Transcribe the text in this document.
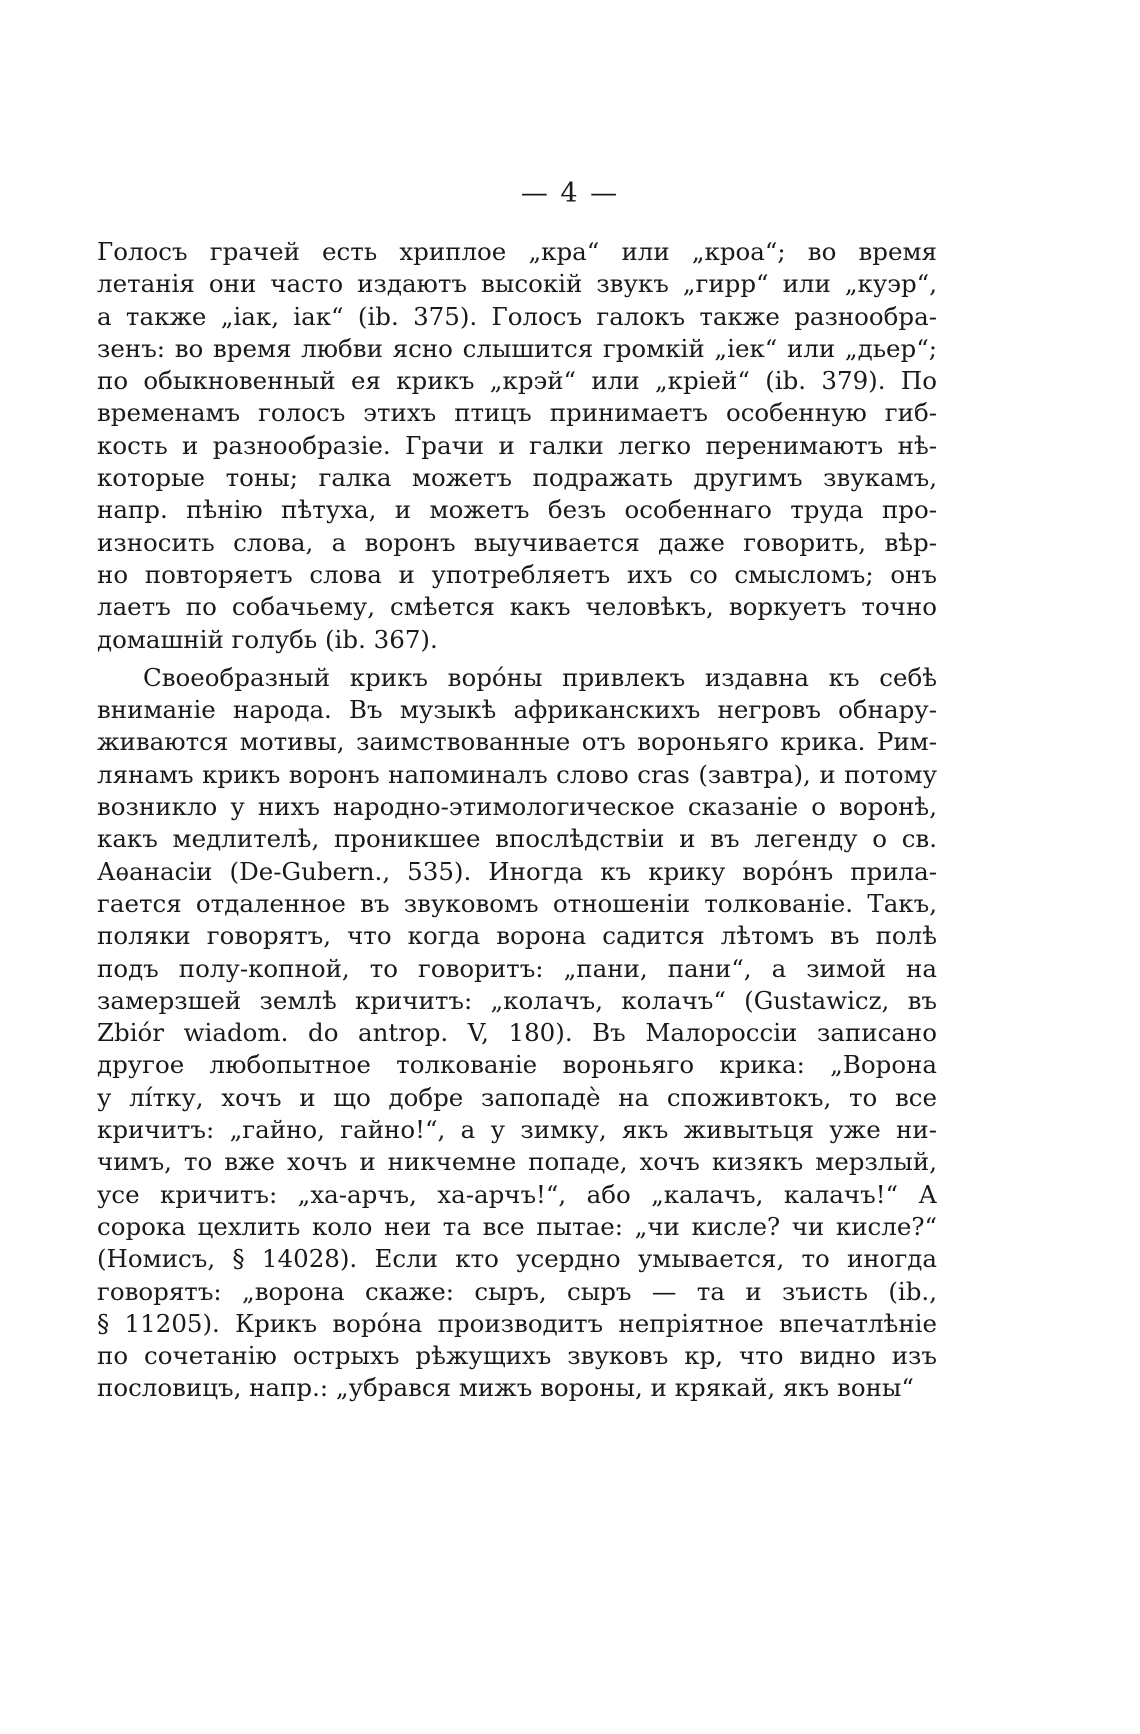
— 4 —
Голосъ грачей есть хриплое „кра“ или „кроа“; во время
летанія они часто издаютъ высокій звукъ „гирр“ или „куэр“,
а также „іак, іак“ (ib. 375). Голосъ галокъ также разнообра-
зенъ: во время любви ясно слышится громкій „іек“ или „дьер“;
по обыкновенный ея крикъ „крэй“ или „кріей“ (ib. 379). По
временамъ голосъ этихъ птицъ принимаетъ особенную гиб-
кость и разнообразіе. Грачи и галки легко перенимаютъ нѣ-
которые тоны; галка можетъ подражать другимъ звукамъ,
напр. пѣнію пѣтуха, и можетъ безъ особеннаго труда про-
износить слова, а воронъ выучивается даже говорить, вѣр-
но повторяетъ слова и употребляетъ ихъ со смысломъ; онъ
лаетъ по собачьему, смѣется какъ человѣкъ, воркуетъ точно
домашній голубь (ib. 367).
Своеобразный крикъ ворóны привлекъ издавна къ себѣ
вниманіе народа. Въ музыкѣ африканскихъ негровъ обнару-
живаются мотивы, заимствованные отъ вороньяго крика. Рим-
лянамъ крикъ воронъ напоминалъ слово cras (завтра), и потому
возникло у нихъ народно-этимологическое сказаніе о воронѣ,
какъ медлителѣ, проникшее впослѣдствіи и въ легенду о св.
Аѳанасіи (De-Gubern., 535). Иногда къ крику ворóнъ прила-
гается отдаленное въ звуковомъ отношеніи толкованіе. Такъ,
поляки говорятъ, что когда ворона садится лѣтомъ въ полѣ
подъ полу-копной, то говоритъ: „пани, пани“, а зимой на
замерзшей землѣ кричитъ: „колачъ, колачъ“ (Gustawicz, въ
Zbiór wiadom. do antrop. V, 180). Въ Малороссіи записано
другое любопытное толкованіе вороньяго крика: „Ворона
у лíтку, хочъ и що добре запопадѐ на споживтокъ, то все
кричитъ: „гайно, гайно!“, а у зимку, якъ живытьця уже ни-
чимъ, то вже хочъ и никчемне попаде, хочъ кизякъ мерзлый,
усе кричитъ: „ха-арчъ, ха-арчъ!“, або „калачъ, калачъ!“ А
сорока цехлить коло неи та все пытае: „чи кисле? чи кисле?“
(Номисъ, § 14028). Если кто усердно умывается, то иногда
говорятъ: „ворона скаже: сыръ, сыръ — та и зъисть (ib.,
§ 11205). Крикъ ворóна производитъ непріятное впечатлѣніе
по сочетанію острыхъ рѣжущихъ звуковъ кр, что видно изъ
пословицъ, напр.: „убрався мижъ вороны, и крякай, якъ воны“
